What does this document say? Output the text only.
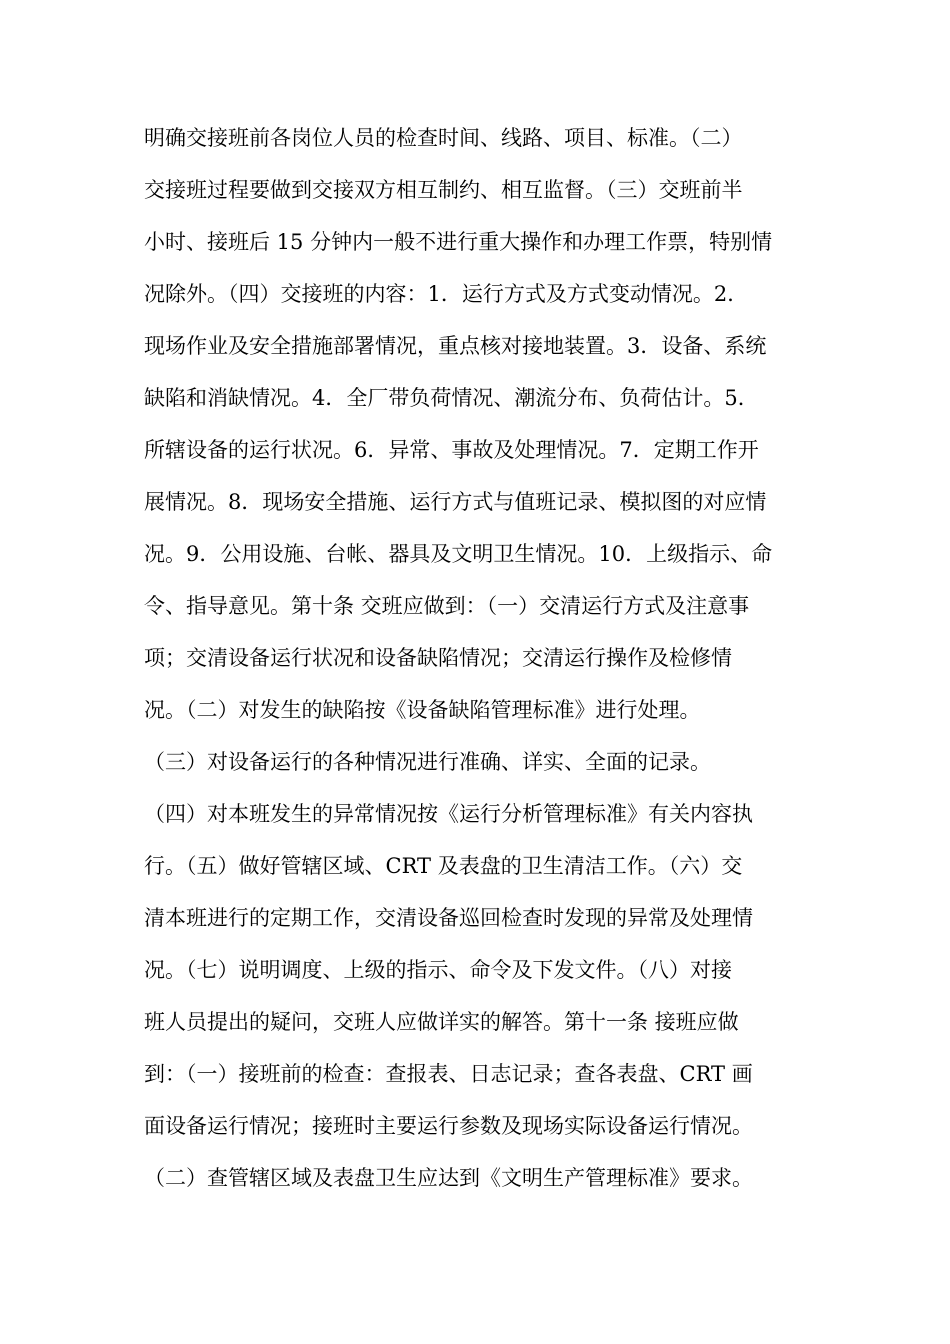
明确交接班前各岗位人员的检查时间、线路、项目、标准。（二）
交接班过程要做到交接双方相互制约、相互监督。（三）交班前半
小时、接班后 15 分钟内一般不进行重大操作和办理工作票，特别情
况除外。（四）交接班的内容：1．运行方式及方式变动情况。2．
现场作业及安全措施部署情况，重点核对接地装置。3．设备、系统
缺陷和消缺情况。4．全厂带负荷情况、潮流分布、负荷估计。5．
所辖设备的运行状况。6．异常、事故及处理情况。7．定期工作开
展情况。8．现场安全措施、运行方式与值班记录、模拟图的对应情
况。9．公用设施、台帐、器具及文明卫生情况。10．上级指示、命
令、指导意见。第十条 交班应做到：（一）交清运行方式及注意事
项；交清设备运行状况和设备缺陷情况；交清运行操作及检修情
况。（二）对发生的缺陷按《设备缺陷管理标准》进行处理。
（三）对设备运行的各种情况进行准确、详实、全面的记录。
（四）对本班发生的异常情况按《运行分析管理标准》有关内容执
行。（五）做好管辖区域、CRT 及表盘的卫生清洁工作。（六）交
清本班进行的定期工作，交清设备巡回检查时发现的异常及处理情
况。（七）说明调度、上级的指示、命令及下发文件。（八）对接
班人员提出的疑问，交班人应做详实的解答。第十一条 接班应做
到：（一）接班前的检查：查报表、日志记录；查各表盘、CRT 画
面设备运行情况；接班时主要运行参数及现场实际设备运行情况。
（二）查管辖区域及表盘卫生应达到《文明生产管理标准》要求。
